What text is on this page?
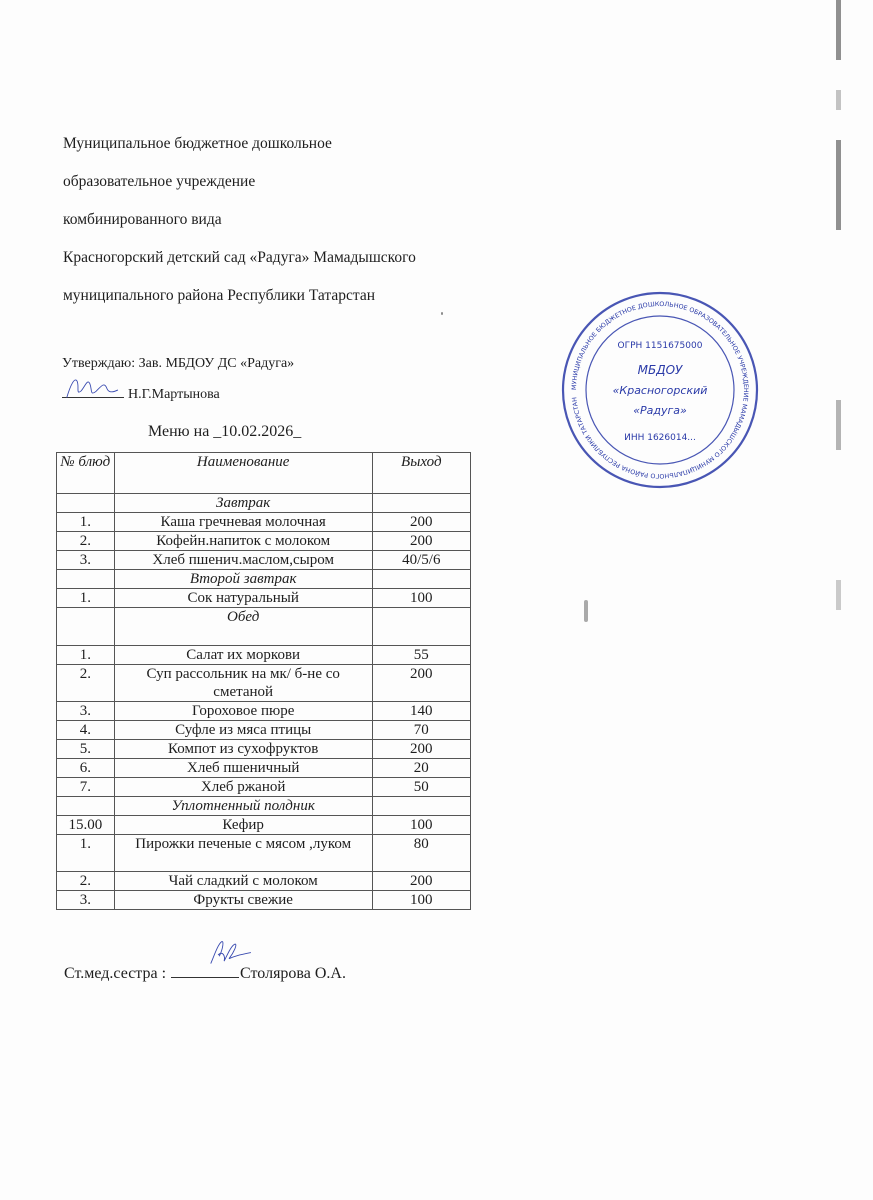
Муниципальное бюджетное дошкольное
образовательное учреждение
комбинированного вида
Красногорский детский сад «Радуга» Мамадышского
муниципального района Республики Татарстан
Утверждаю: Зав. МБДОУ ДС «Радуга»
Н.Г.Мартынова	МУНИЦИПАЛЬНОЕ БЮДЖЕТНОЕ ДОШКОЛЬНОЕ ОБРАЗОВАТЕЛЬНОЕ УЧРЕЖДЕНИЕ МАМАДЫШСКОГО МУНИЦИПАЛЬНОГО РАЙОНА РЕСПУБЛИКИ ТАТАРСТАН
ОГРН 1151675000
МБДОУ
«Красногорский
«Радуга»
ИНН 1626014...
Меню на _10.02.2026_
№ блюд	Наименование	Выход
	Завтрак	
1.	Каша гречневая молочная	200
2.	Кофейн.напиток с молоком	200
3.	Хлеб пшенич.маслом,сыром	40/5/6
	Второй завтрак	
1.	Сок натуральный	100
	Обед	
1.	Салат их моркови	55
2.	Суп рассольник на мк/ б-не со сметаной	200
3.	Гороховое пюре	140
4.	Суфле из мяса птицы	70
5.	Компот из сухофруктов	200
6.	Хлеб пшеничный	20
7.	Хлеб ржаной	50
	Уплотненный полдник	
15.00	Кефир	100
1.	Пирожки печеные с мясом ,луком	80
2.	Чай сладкий с молоком	200
3.	Фрукты свежие	100
Ст.мед.сестра :	Столярова О.А.
